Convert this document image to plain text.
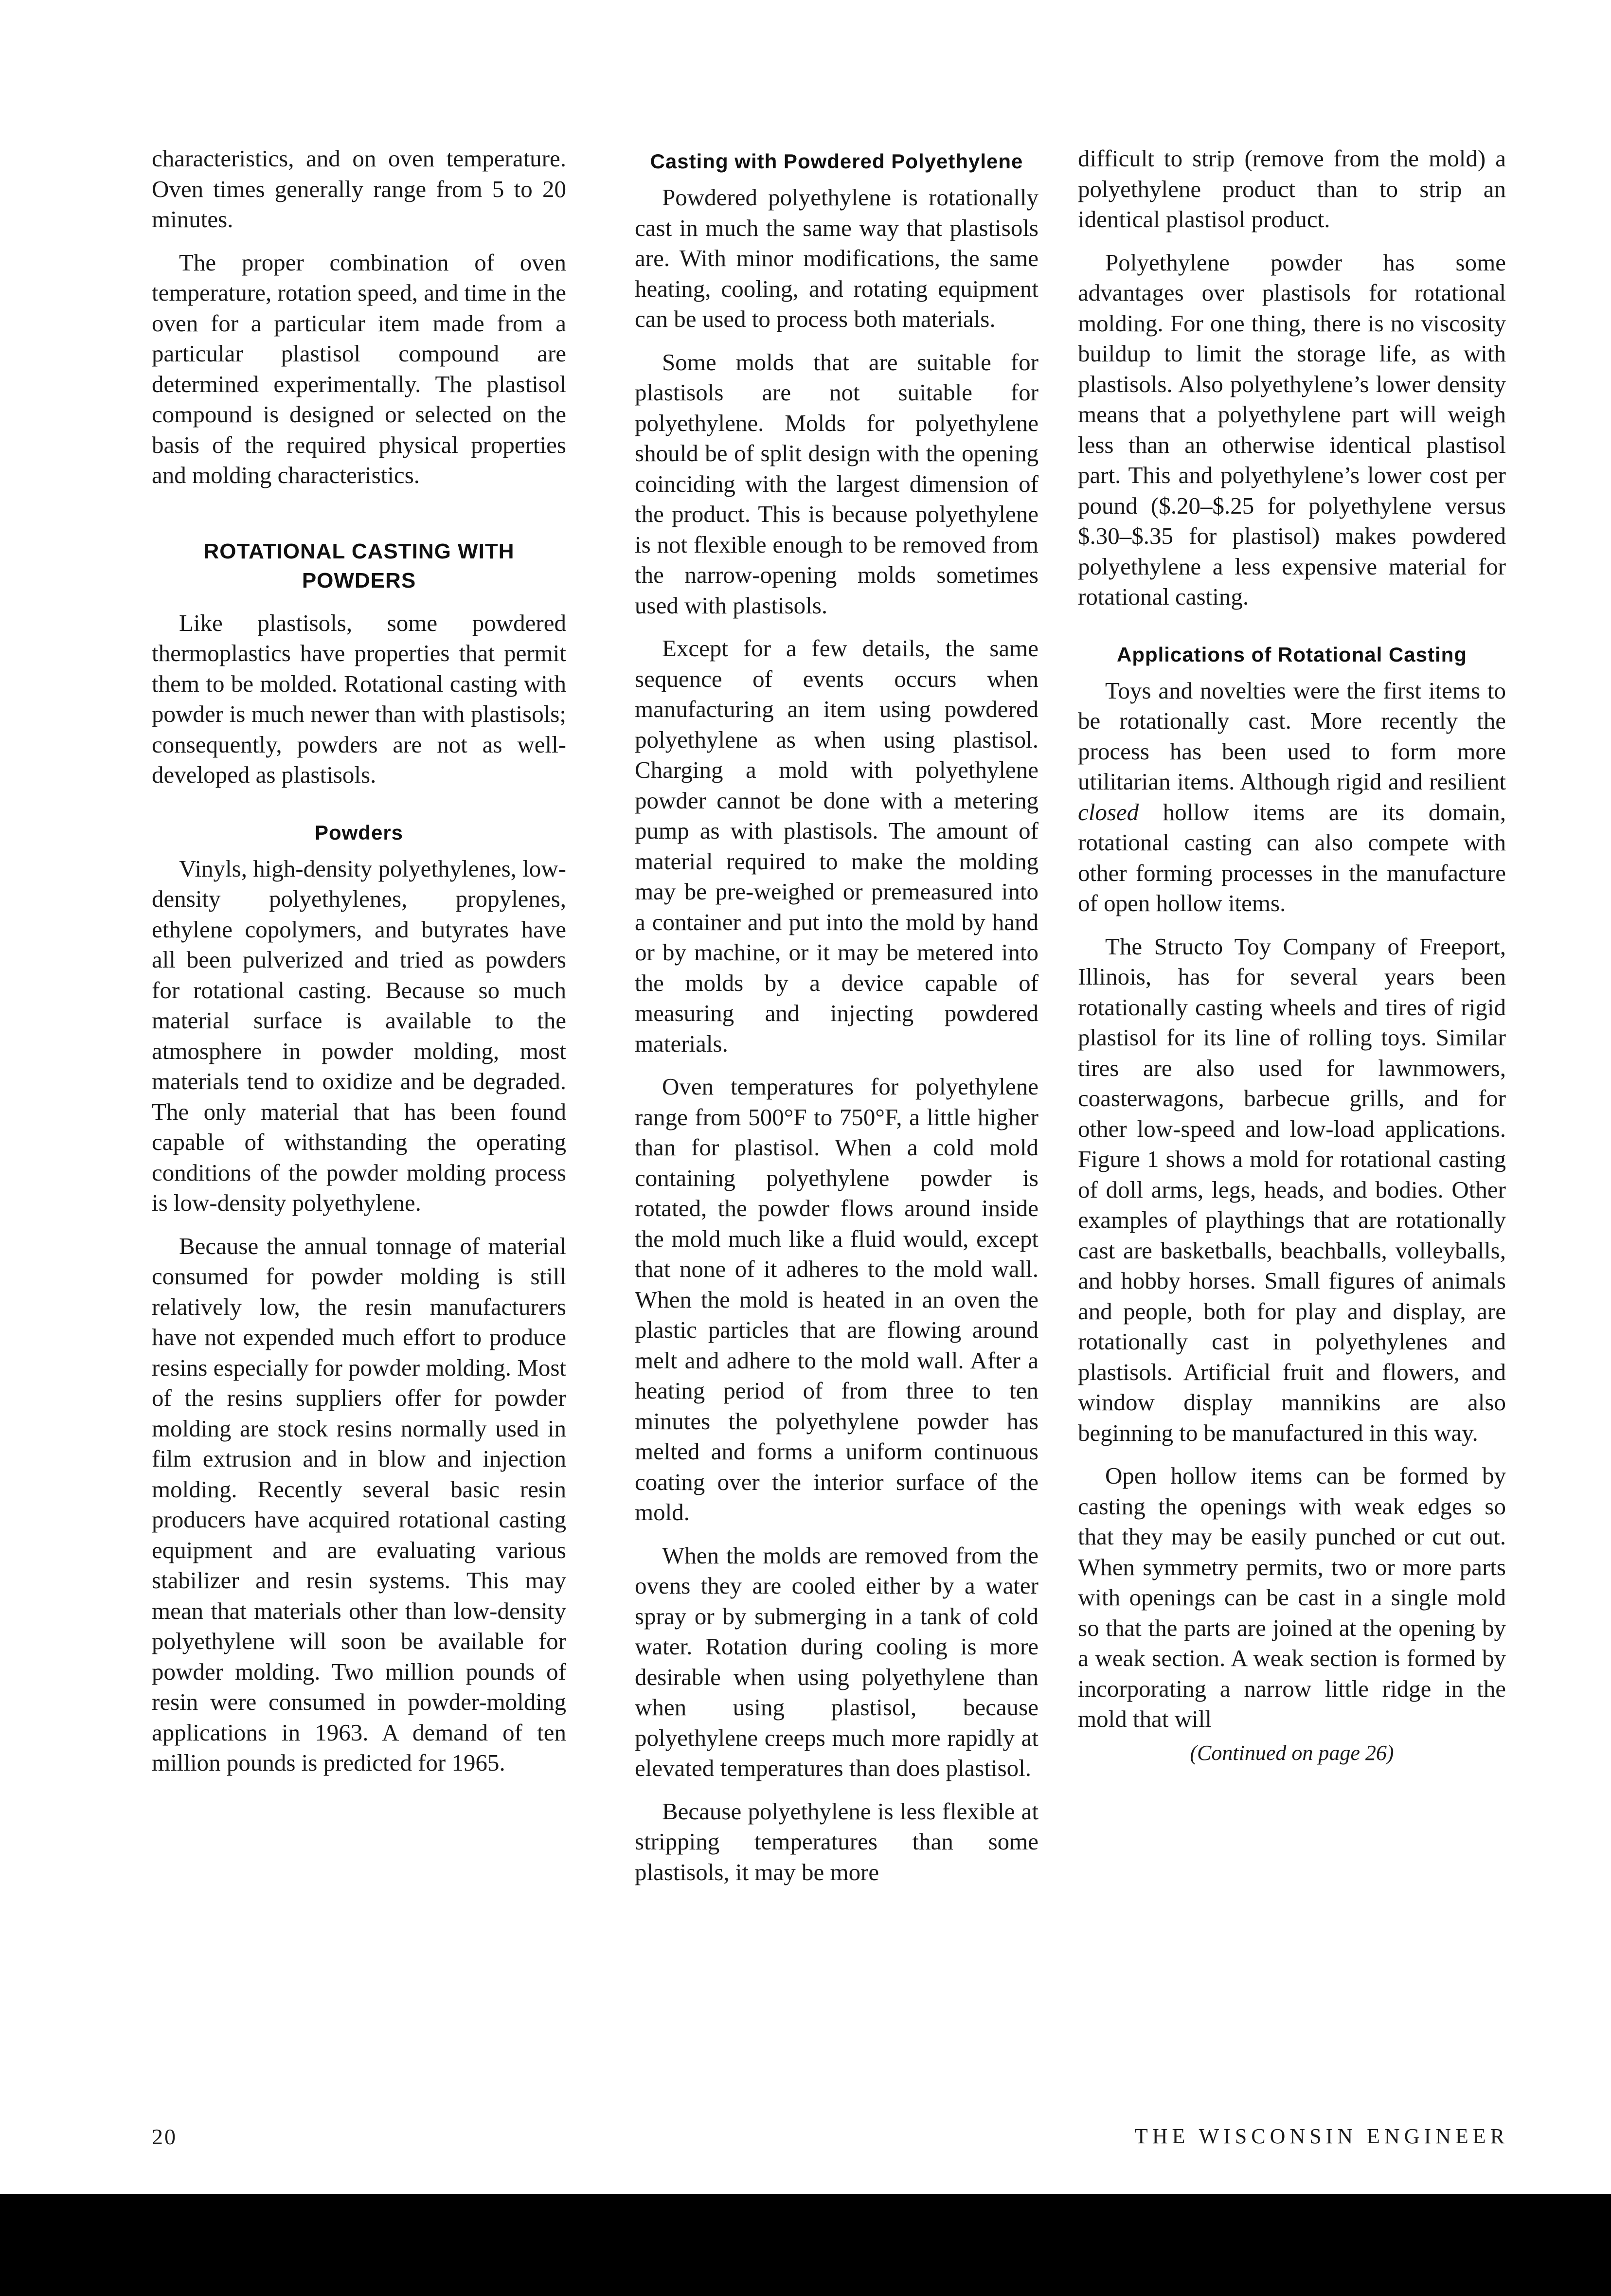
characteristics, and on oven temperature. Oven times generally range from 5 to 20 minutes.

The proper combination of oven temperature, rotation speed, and time in the oven for a particular item made from a particular plastisol compound are determined experimentally. The plastisol compound is designed or selected on the basis of the required physical properties and molding characteristics.

ROTATIONAL CASTING WITH POWDERS

Like plastisols, some powdered thermoplastics have properties that permit them to be molded. Rotational casting with powder is much newer than with plastisols; consequently, powders are not as well-developed as plastisols.

Powders

Vinyls, high-density polyethylenes, low-density polyethylenes, propylenes, ethylene copolymers, and butyrates have all been pulverized and tried as powders for rotational casting. Because so much material surface is available to the atmosphere in powder molding, most materials tend to oxidize and be degraded. The only material that has been found capable of withstanding the operating conditions of the powder molding process is low-density polyethylene.

Because the annual tonnage of material consumed for powder molding is still relatively low, the resin manufacturers have not expended much effort to produce resins especially for powder molding. Most of the resins suppliers offer for powder molding are stock resins normally used in film extrusion and in blow and injection molding. Recently several basic resin producers have acquired rotational casting equipment and are evaluating various stabilizer and resin systems. This may mean that materials other than low-density polyethylene will soon be available for powder molding. Two million pounds of resin were consumed in powder-molding applications in 1963. A demand of ten million pounds is predicted for 1965.

Casting with Powdered Polyethylene

Powdered polyethylene is rotationally cast in much the same way that plastisols are. With minor modifications, the same heating, cooling, and rotating equipment can be used to process both materials.

Some molds that are suitable for plastisols are not suitable for polyethylene. Molds for polyethylene should be of split design with the opening coinciding with the largest dimension of the product. This is because polyethylene is not flexible enough to be removed from the narrow-opening molds sometimes used with plastisols.

Except for a few details, the same sequence of events occurs when manufacturing an item using powdered polyethylene as when using plastisol. Charging a mold with polyethylene powder cannot be done with a metering pump as with plastisols. The amount of material required to make the molding may be pre-weighed or premeasured into a container and put into the mold by hand or by machine, or it may be metered into the molds by a device capable of measuring and injecting powdered materials.

Oven temperatures for polyethylene range from 500°F to 750°F, a little higher than for plastisol. When a cold mold containing polyethylene powder is rotated, the powder flows around inside the mold much like a fluid would, except that none of it adheres to the mold wall. When the mold is heated in an oven the plastic particles that are flowing around melt and adhere to the mold wall. After a heating period of from three to ten minutes the polyethylene powder has melted and forms a uniform continuous coating over the interior surface of the mold.

When the molds are removed from the ovens they are cooled either by a water spray or by submerging in a tank of cold water. Rotation during cooling is more desirable when using polyethylene than when using plastisol, because polyethylene creeps much more rapidly at elevated temperatures than does plastisol.

Because polyethylene is less flexible at stripping temperatures than some plastisols, it may be more

difficult to strip (remove from the mold) a polyethylene product than to strip an identical plastisol product.

Polyethylene powder has some advantages over plastisols for rotational molding. For one thing, there is no viscosity buildup to limit the storage life, as with plastisols. Also polyethylene’s lower density means that a polyethylene part will weigh less than an otherwise identical plastisol part. This and polyethylene’s lower cost per pound ($.20–$.25 for polyethylene versus $.30–$.35 for plastisol) makes powdered polyethylene a less expensive material for rotational casting.

Applications of Rotational Casting

Toys and novelties were the first items to be rotationally cast. More recently the process has been used to form more utilitarian items. Although rigid and resilient closed hollow items are its domain, rotational casting can also compete with other forming processes in the manufacture of open hollow items.

The Structo Toy Company of Freeport, Illinois, has for several years been rotationally casting wheels and tires of rigid plastisol for its line of rolling toys. Similar tires are also used for lawnmowers, coasterwagons, barbecue grills, and for other low-speed and low-load applications. Figure 1 shows a mold for rotational casting of doll arms, legs, heads, and bodies. Other examples of playthings that are rotationally cast are basketballs, beachballs, volleyballs, and hobby horses. Small figures of animals and people, both for play and display, are rotationally cast in polyethylenes and plastisols. Artificial fruit and flowers, and window display mannikins are also beginning to be manufactured in this way.

Open hollow items can be formed by casting the openings with weak edges so that they may be easily punched or cut out. When symmetry permits, two or more parts with openings can be cast in a single mold so that the parts are joined at the opening by a weak section. A weak section is formed by incorporating a narrow little ridge in the mold that will

(Continued on page 26)
20	THE WISCONSIN ENGINEER
